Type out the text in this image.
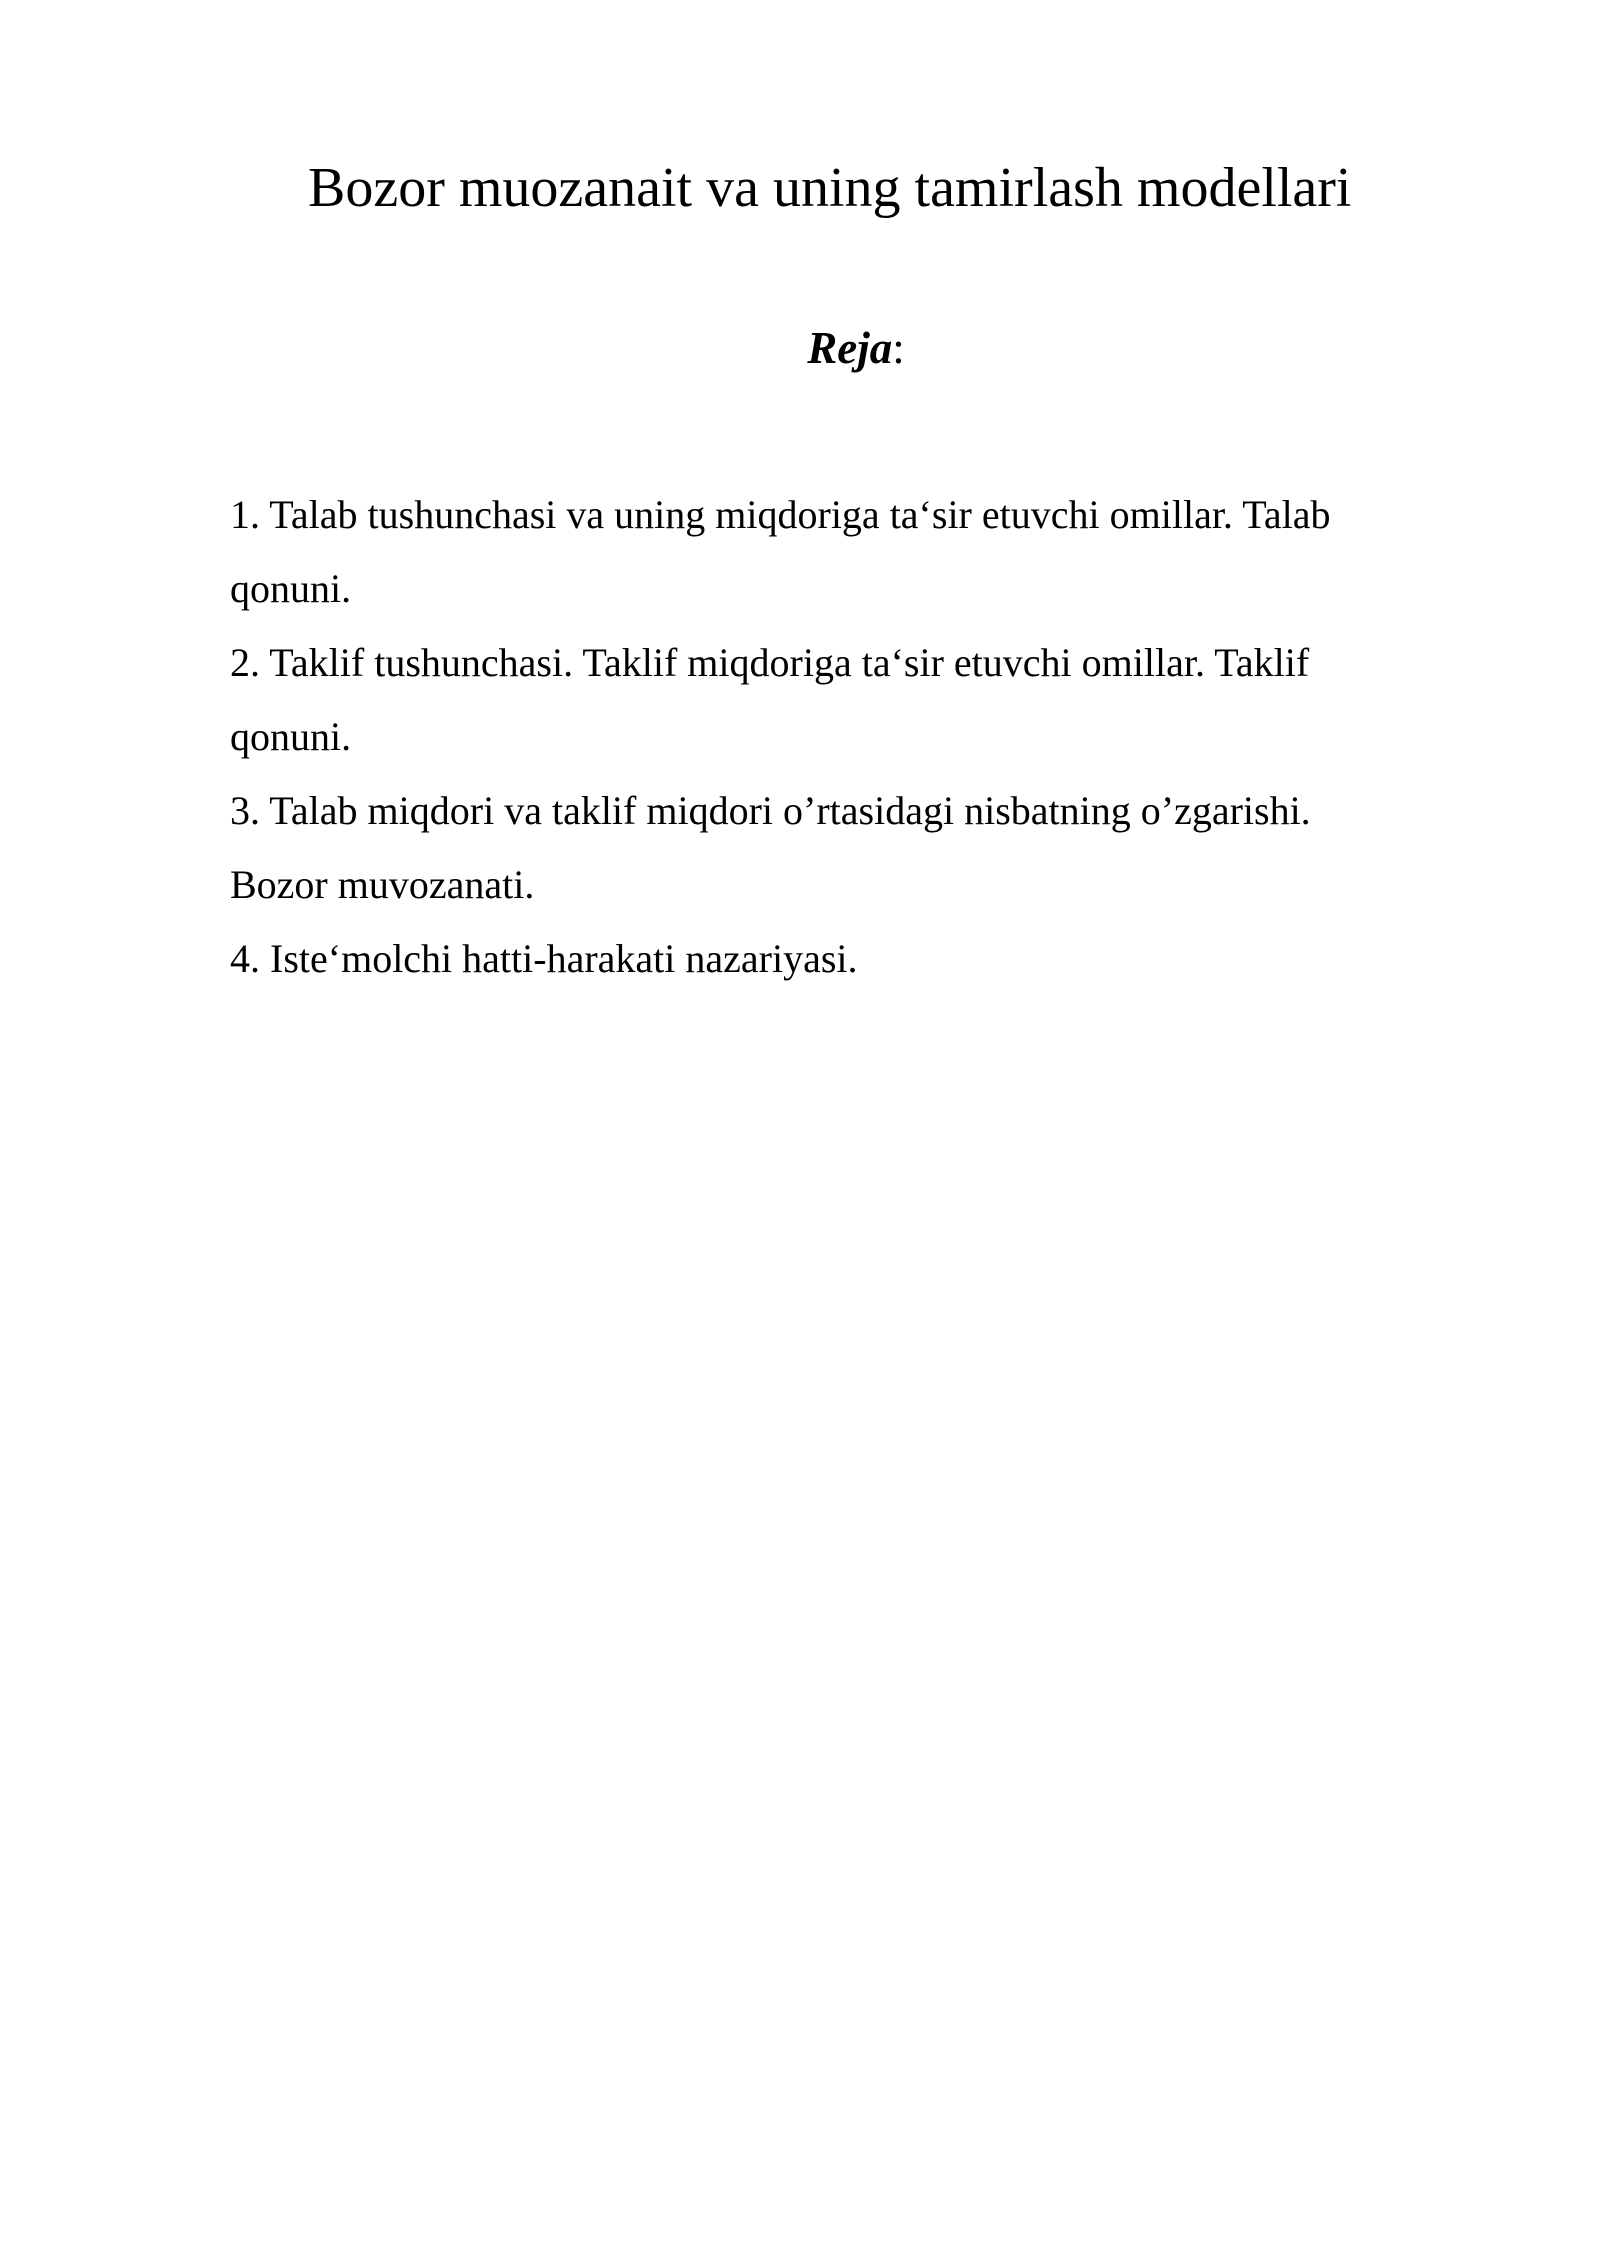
Bozor muozanait va uning tamirlash modellari
Reja:
1. Talab tushunchasi va uning miqdoriga ta‘sir etuvchi omillar. Talab
qonuni.
2. Taklif tushunchasi. Taklif miqdoriga ta‘sir etuvchi omillar. Taklif
qonuni.
3. Talab miqdori va taklif miqdori o’rtasidagi nisbatning o’zgarishi.
Bozor muvozanati.
4. Iste‘molchi hatti-harakati nazariyasi.
